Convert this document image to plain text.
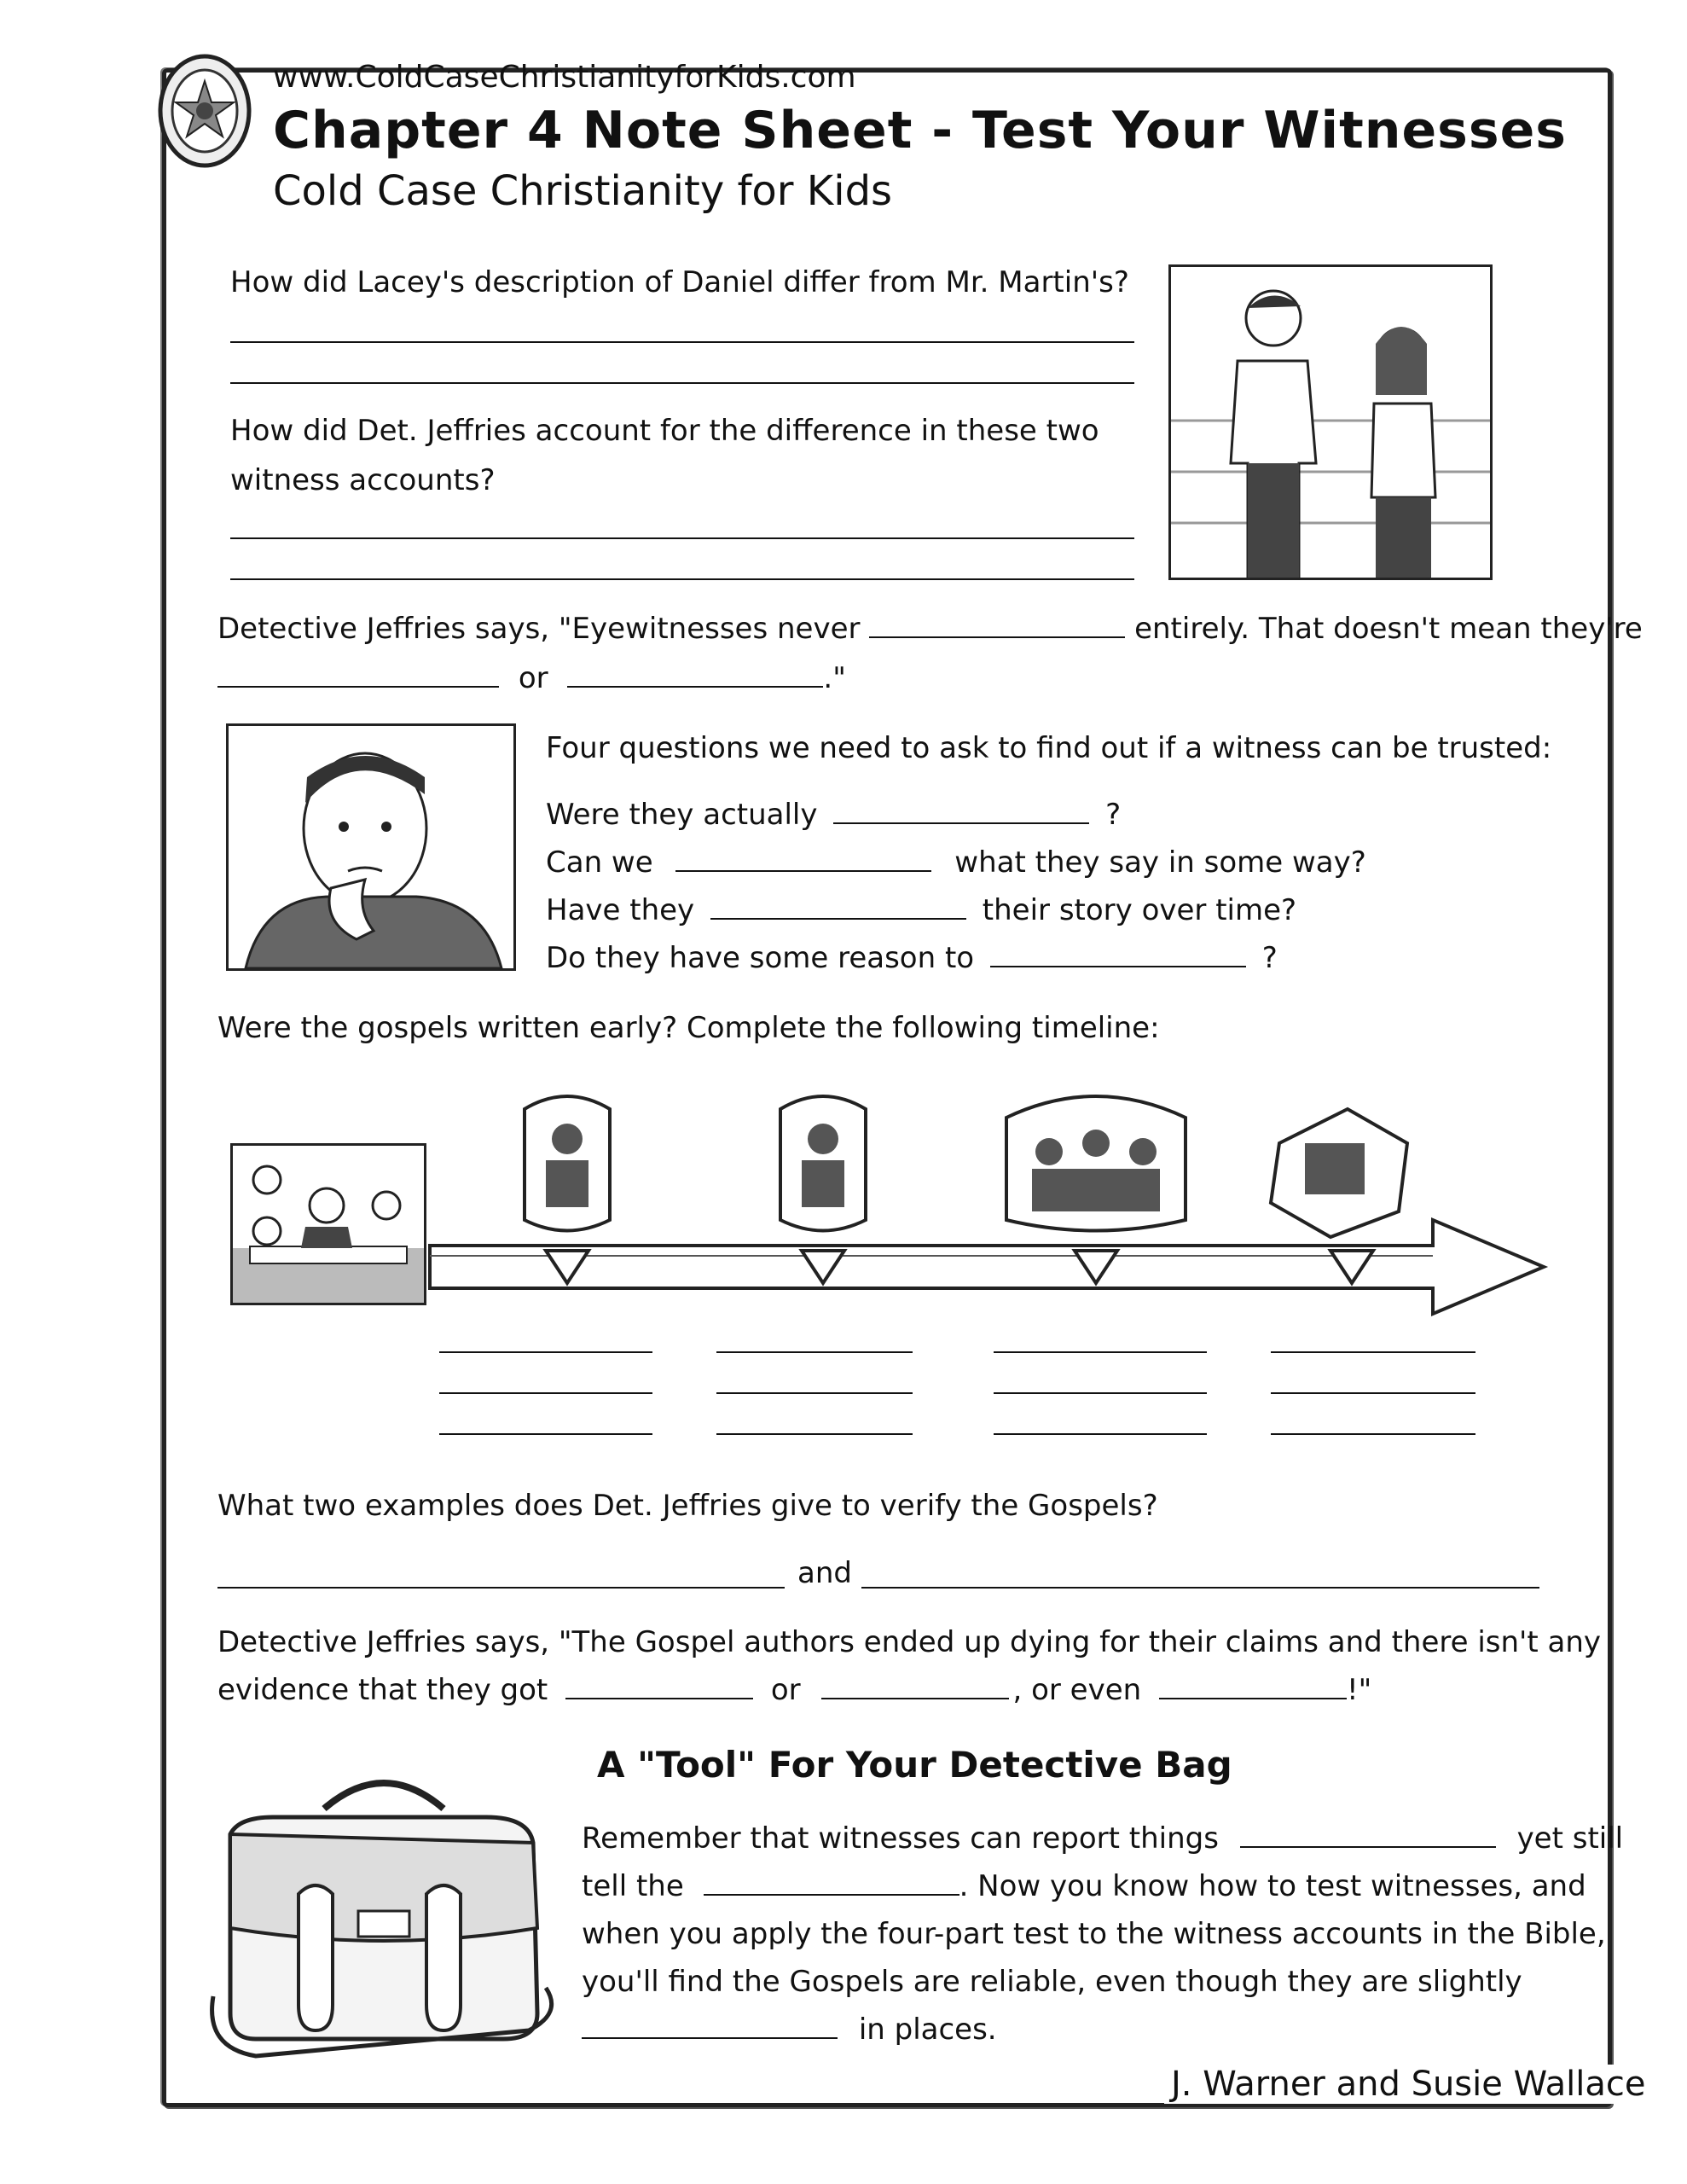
www.ColdCaseChristianityforKids.com
Chapter 4 Note Sheet - Test Your Witnesses
Cold Case Christianity for Kids
How did Lacey's description of Daniel differ from Mr. Martin's?
How did Det. Jeffries account for the difference in these two
witness accounts?
Detective Jeffries says, "Eyewitnesses never	entirely. That doesn't mean they're
or	."
Four questions we need to ask to find out if a witness can be trusted:
Were they actually	?
Can we	what they say in some way?
Have they	their story over time?
Do they have some reason to	?
Were the gospels written early? Complete the following timeline:
What two examples does Det. Jeffries give to verify the Gospels?
and
Detective Jeffries says, "The Gospel authors ended up dying for their claims and there isn't any
evidence that they got	or	, or even	!"
A "Tool" For Your Detective Bag
Remember that witnesses can report things	yet still
tell the	. Now you know how to test witnesses, and
when you apply the four-part test to the witness accounts in the Bible,
you'll find the Gospels are reliable, even though they are slightly
in places.
J. Warner and Susie Wallace
